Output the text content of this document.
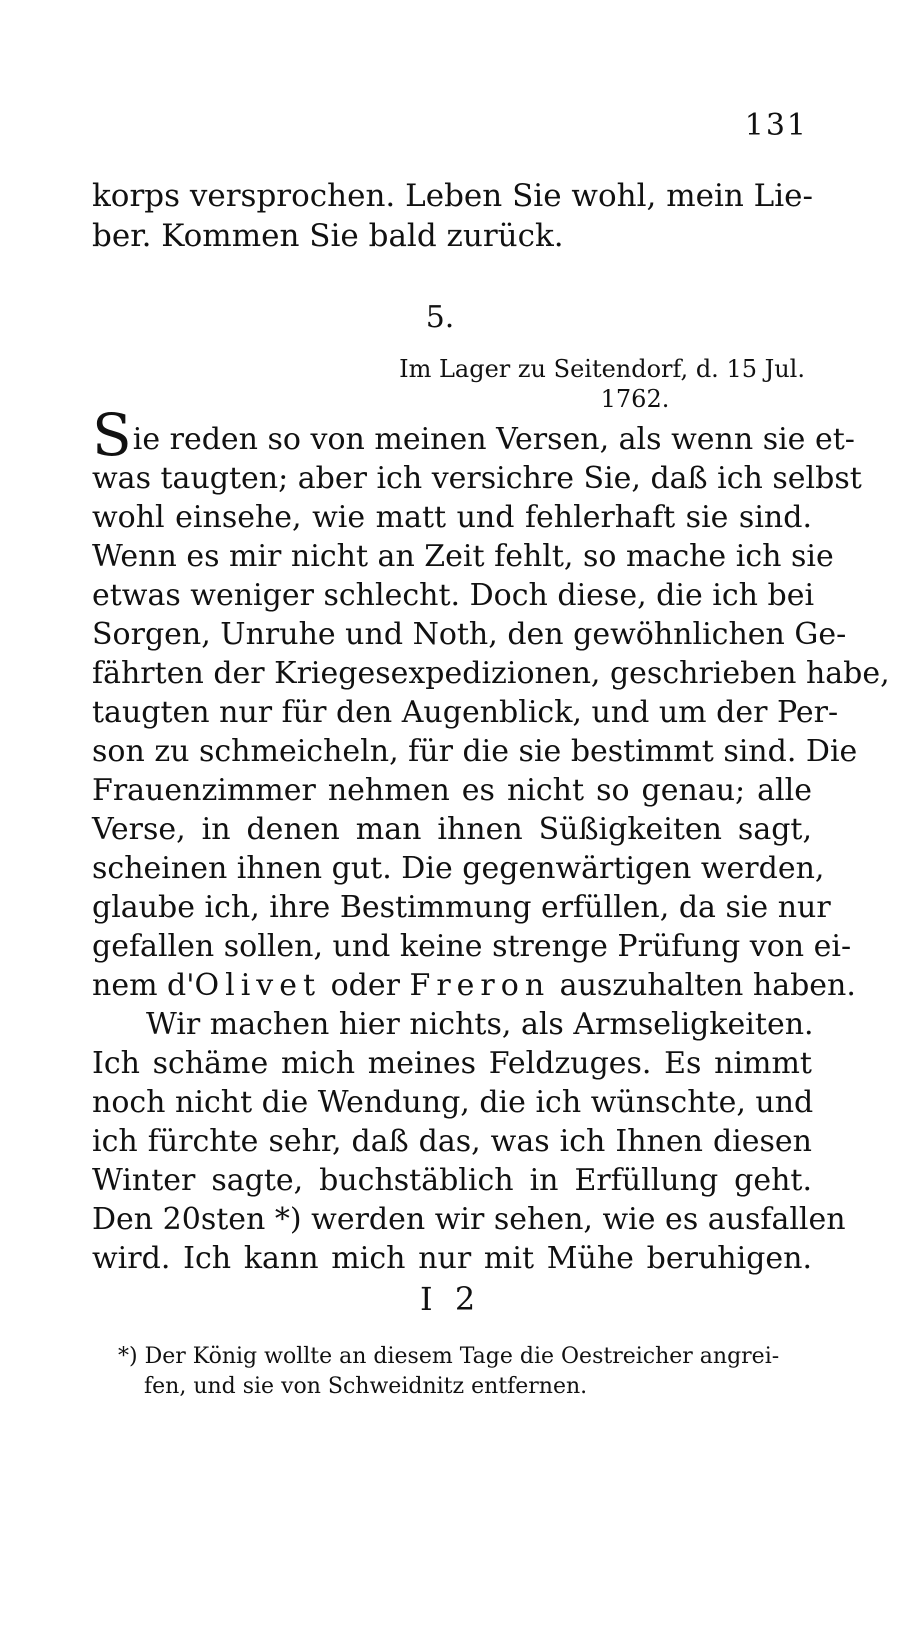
131
korps versprochen. Leben Sie wohl, mein Lie-
ber. Kommen Sie bald zurück.
5.
Im Lager zu Seitendorf, d. 15 Jul.
1762.
Sie reden so von meinen Versen, als wenn sie et-
was taugten; aber ich versichre Sie, daß ich selbst
wohl einsehe, wie matt und fehlerhaft sie sind.
Wenn es mir nicht an Zeit fehlt, so mache ich sie
etwas weniger schlecht. Doch diese, die ich bei
Sorgen, Unruhe und Noth, den gewöhnlichen Ge-
fährten der Kriegesexpedizionen, geschrieben habe,
taugten nur für den Augenblick, und um der Per-
son zu schmeicheln, für die sie bestimmt sind. Die
Frauenzimmer nehmen es nicht so genau; alle
Verse, in denen man ihnen Süßigkeiten sagt,
scheinen ihnen gut. Die gegenwärtigen werden,
glaube ich, ihre Bestimmung erfüllen, da sie nur
gefallen sollen, und keine strenge Prüfung von ei-
nem d'Olivet oder Freron auszuhalten haben.
Wir machen hier nichts, als Armseligkeiten.
Ich schäme mich meines Feldzuges. Es nimmt
noch nicht die Wendung, die ich wünschte, und
ich fürchte sehr, daß das, was ich Ihnen diesen
Winter sagte, buchstäblich in Erfüllung geht.
Den 20sten *) werden wir sehen, wie es ausfallen
wird. Ich kann mich nur mit Mühe beruhigen.
I 2
*) Der König wollte an diesem Tage die Oestreicher angrei-
fen, und sie von Schweidnitz entfernen.
